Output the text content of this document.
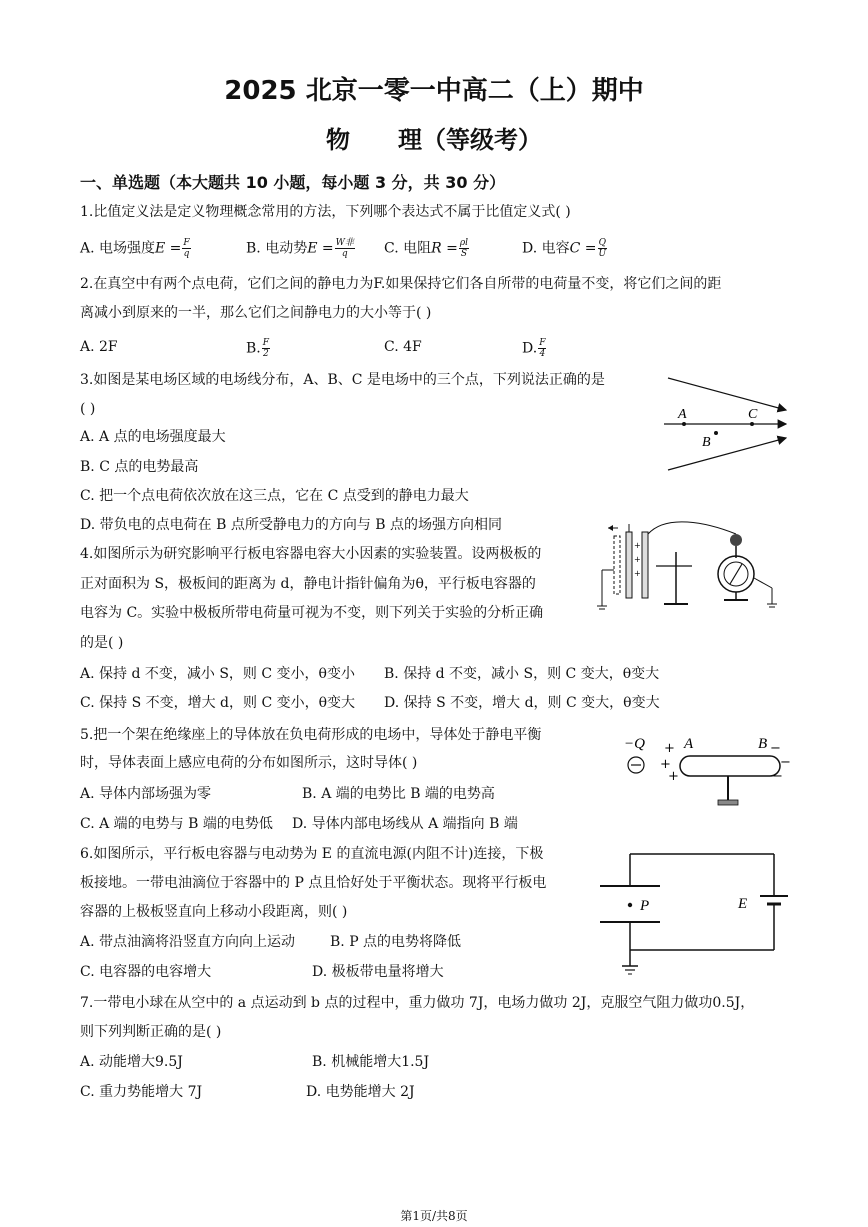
2025 北京一零一中高二（上）期中
物 理（等级考）
一、单选题（本大题共 10 小题，每小题 3 分，共 30 分）
1.比值定义法是定义物理概念常用的方法，下列哪个表达式不属于比值定义式( )
A. 电场强度$E = \frac{F}{q}$	B. 电动势$E = \frac{\text{W非}}{q} C$. 电阻$R = \frac{\rho l}{S}$	D. 电容$C = \frac{Q}{U}$
2.在真空中有两个点电荷，它们之间的静电力为F.如果保持它们各自所带的电荷量不变，将它们之间的距
离减小到原来的一半，那么它们之间静电力的大小等于( )
A. 2F	B. $\frac{F}{2}$	C. 4F	D. $\frac{F}{4}$
3.如图是某电场区域的电场线分布，A、B、C 是电场中的三个点，下列说法正确的是
( )
A. A 点的电场强度最大
B. C 点的电势最高
C. 把一个点电荷依次放在这三点，它在 C 点受到的静电力最大
D. 带负电的点电荷在 B 点所受静电力的方向与 B 点的场强方向相同
A	C
B
4.如图所示为研究影响平行板电容器电容大小因素的实验装置。设两极板的
正对面积为 S，极板间的距离为 d，静电计指针偏角为θ，平行板电容器的
电容为 C。实验中极板所带电荷量可视为不变，则下列关于实验的分析正确
的是( )
A. 保持 d 不变，减小 S，则 C 变小，θ变小 B. 保持 d 不变，减小 S，则 C 变大，θ变大
C. 保持 S 不变，增大 d，则 C 变小，θ变大 D. 保持 S 不变，增大 d，则 C 变大，θ变大
+
+
+
5.把一个架在绝缘座上的导体放在负电荷形成的电场中，导体处于静电平衡
时，导体表面上感应电荷的分布如图所示，这时导体( )
A. 导体内部场强为零	B. A 端的电势比 B 端的电势高
C. A 端的电势与 B 端的电势低 D. 导体内部电场线从 A 端指向 B 端
−Q +
+
+
A	B −
−
−
6.如图所示，平行板电容器与电动势为 E 的直流电源(内阻不计)连接，下极
板接地。一带电油滴位于容器中的 P 点且恰好处于平衡状态。现将平行板电
容器的上极板竖直向上移动小段距离，则( )
A. 带点油滴将沿竖直方向向上运动 B. P 点的电势将降低
C. 电容器的电容增大	D. 极板带电量将增大
P	E
7.一带电小球在从空中的 a 点运动到 b 点的过程中，重力做功 7J，电场力做功 2J，克服空气阻力做功0.5J，
则下列判断正确的是( )
A. 动能增大9.5J	B. 机械能增大1.5J
C. 重力势能增大 7J	D. 电势能增大 2J
第1页/共8页
